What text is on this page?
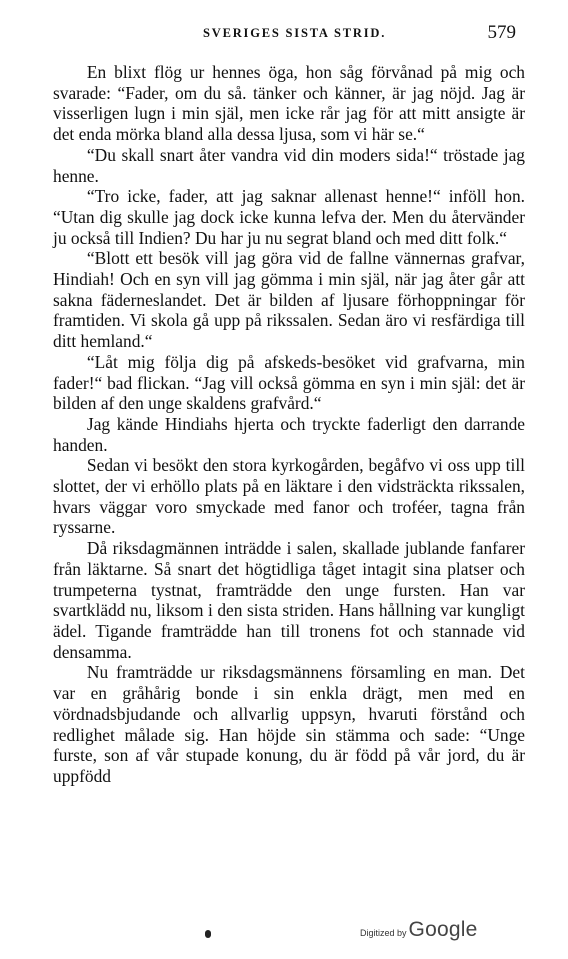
SVERIGES SISTA STRID.	579

En blixt flög ur hennes öga, hon såg förvånad på mig och svarade: “Fader, om du så. tänker och känner, är jag nöjd. Jag är visserligen lugn i min själ, men icke rår jag för att mitt ansigte är det enda mörka bland alla dessa ljusa, som vi här se.“

“Du skall snart åter vandra vid din moders sida!“ tröstade jag henne.

“Tro icke, fader, att jag saknar allenast henne!“ inföll hon. “Utan dig skulle jag dock icke kunna lefva der. Men du återvänder ju också till Indien? Du har ju nu segrat bland och med ditt folk.“

“Blott ett besök vill jag göra vid de fallne vännernas grafvar, Hindiah! Och en syn vill jag gömma i min själ, när jag åter går att sakna fäderneslandet. Det är bilden af ljusare förhoppningar för framtiden. Vi skola gå upp på rikssalen. Sedan äro vi resfärdiga till ditt hemland.“

“Låt mig följa dig på afskeds-besöket vid grafvarna, min fader!“ bad flickan. “Jag vill också gömma en syn i min själ: det är bilden af den unge skaldens grafvård.“

Jag kände Hindiahs hjerta och tryckte faderligt den darrande handen.

Sedan vi besökt den stora kyrkogården, begåfvo vi oss upp till slottet, der vi erhöllo plats på en läktare i den vidsträckta rikssalen, hvars väggar voro smyckade med fanor och troféer, tagna från ryssarne.

Då riksdagmännen inträdde i salen, skallade jublande fanfarer från läktarne. Så snart det högtidliga tåget intagit sina platser och trumpeterna tystnat, framträdde den unge fursten. Han var svartklädd nu, liksom i den sista striden. Hans hållning var kungligt ädel. Tigande framträdde han till tronens fot och stannade vid densamma.

Nu framträdde ur riksdagsmännens församling en man. Det var en gråhårig bonde i sin enkla drägt, men med en vördnadsbjudande och allvarlig uppsyn, hvaruti förstånd och redlighet målade sig. Han höjde sin stämma och sade: “Unge furste, son af vår stupade konung, du är född på vår jord, du är uppfödd

Digitized by Google
